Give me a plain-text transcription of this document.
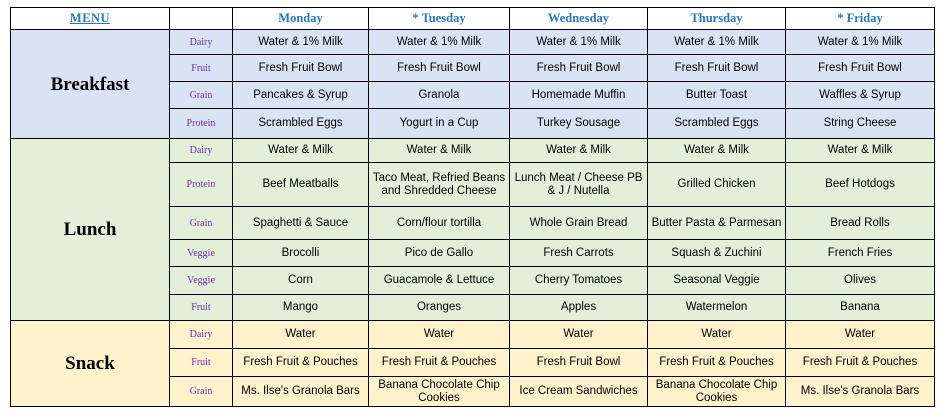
MENU		Monday	* Tuesday	Wednesday	Thursday	* Friday
Breakfast	Dairy	Water & 1% Milk	Water & 1% Milk	Water & 1% Milk	Water & 1% Milk	Water & 1% Milk
	Fruit	Fresh Fruit Bowl	Fresh Fruit Bowl	Fresh Fruit Bowl	Fresh Fruit Bowl	Fresh Fruit Bowl
	Grain	Pancakes & Syrup	Granola	Homemade Muffin	Butter Toast	Waffles & Syrup
	Protein	Scrambled Eggs	Yogurt in a Cup	Turkey Sousage	Scrambled Eggs	String Cheese
Lunch	Dairy	Water & Milk	Water & Milk	Water & Milk	Water & Milk	Water & Milk
	Protein	Beef Meatballs	Taco Meat, Refried Beans and Shredded Cheese	Lunch Meat / Cheese PB & J / Nutella	Grilled Chicken	Beef Hotdogs
	Grain	Spaghetti & Sauce	Corn/flour tortilla	Whole Grain Bread	Butter Pasta & Parmesan	Bread Rolls
	Veggie	Brocolli	Pico de Gallo	Fresh Carrots	Squash & Zuchini	French Fries
	Veggie	Corn	Guacamole & Lettuce	Cherry Tomatoes	Seasonal Veggie	Olives
	Fruit	Mango	Oranges	Apples	Watermelon	Banana
Snack	Dairy	Water	Water	Water	Water	Water
	Fruit	Fresh Fruit & Pouches	Fresh Fruit & Pouches	Fresh Fruit Bowl	Fresh Fruit & Pouches	Fresh Fruit & Pouches
	Grain	Ms. Ilse's Granola Bars	Banana Chocolate Chip Cookies	Ice Cream Sandwiches	Banana Chocolate Chip Cookies	Ms. Ilse's Granola Bars
